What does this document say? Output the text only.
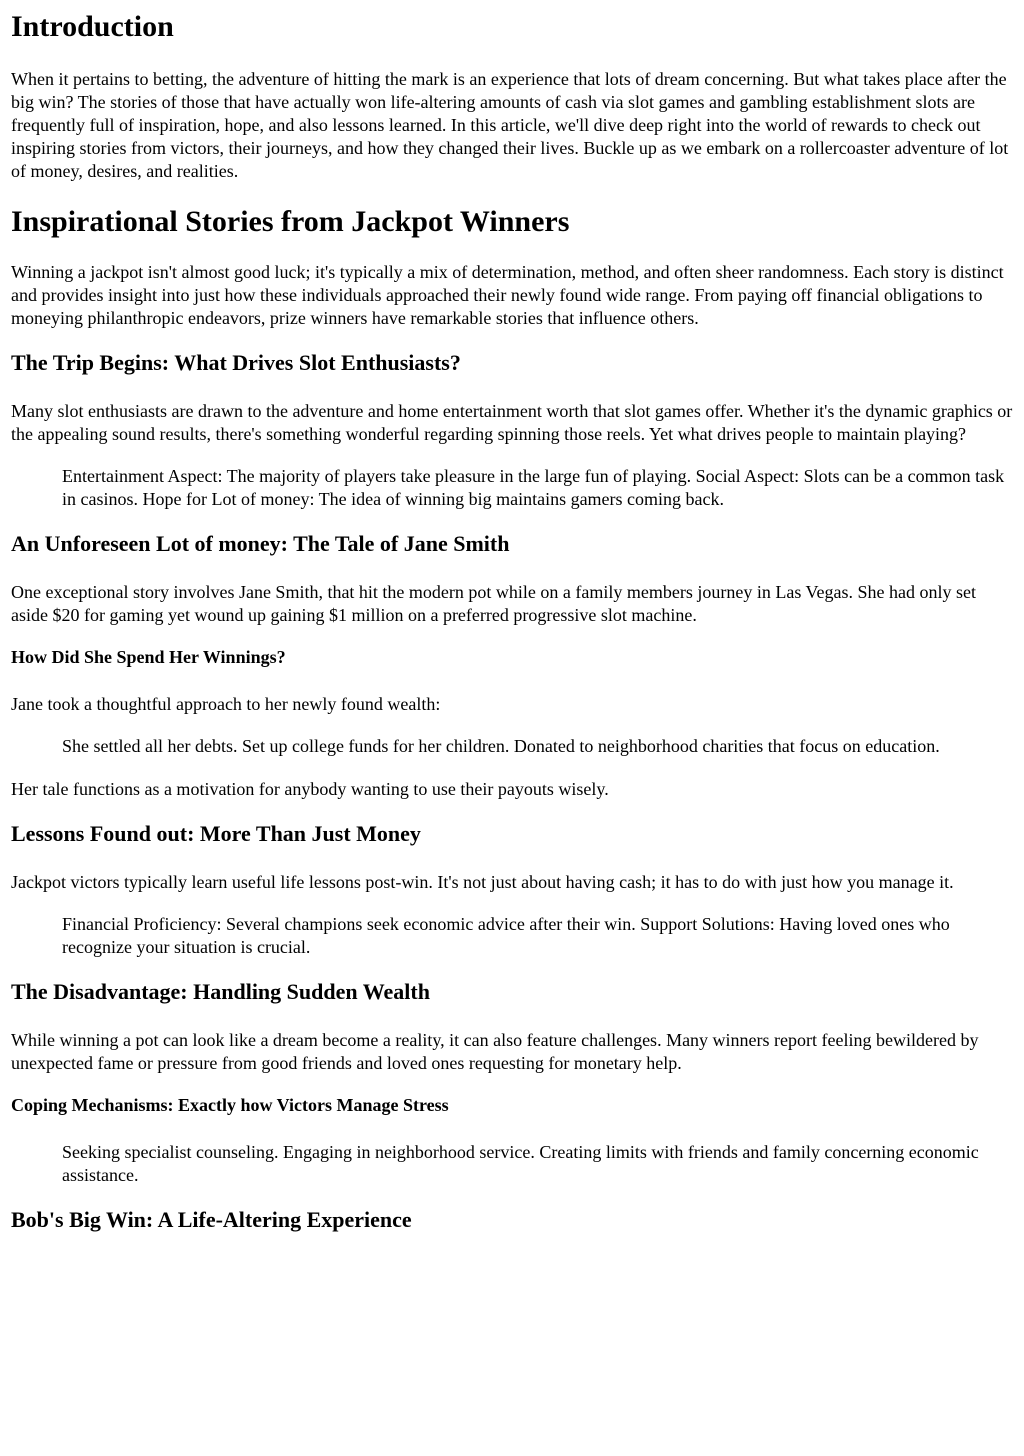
Introduction

When it pertains to betting, the adventure of hitting the mark is an experience that lots of dream concerning. But what takes place after the big win? The stories of those that have actually won life-altering amounts of cash via slot games and gambling establishment slots are frequently full of inspiration, hope, and also lessons learned. In this article, we'll dive deep right into the world of rewards to check out inspiring stories from victors, their journeys, and how they changed their lives. Buckle up as we embark on a rollercoaster adventure of lot of money, desires, and realities.

Inspirational Stories from Jackpot Winners

Winning a jackpot isn't almost good luck; it's typically a mix of determination, method, and often sheer randomness. Each story is distinct and provides insight into just how these individuals approached their newly found wide range. From paying off financial obligations to moneying philanthropic endeavors, prize winners have remarkable stories that influence others.

The Trip Begins: What Drives Slot Enthusiasts?

Many slot enthusiasts are drawn to the adventure and home entertainment worth that slot games offer. Whether it's the dynamic graphics or the appealing sound results, there's something wonderful regarding spinning those reels. Yet what drives people to maintain playing?

Entertainment Aspect: The majority of players take pleasure in the large fun of playing. Social Aspect: Slots can be a common task in casinos. Hope for Lot of money: The idea of winning big maintains gamers coming back.
An Unforeseen Lot of money: The Tale of Jane Smith

One exceptional story involves Jane Smith, that hit the modern pot while on a family members journey in Las Vegas. She had only set aside $20 for gaming yet wound up gaining $1 million on a preferred progressive slot machine.

How Did She Spend Her Winnings?

Jane took a thoughtful approach to her newly found wealth:

She settled all her debts. Set up college funds for her children. Donated to neighborhood charities that focus on education.

Her tale functions as a motivation for anybody wanting to use their payouts wisely.

Lessons Found out: More Than Just Money

Jackpot victors typically learn useful life lessons post-win. It's not just about having cash; it has to do with just how you manage it.

Financial Proficiency: Several champions seek economic advice after their win. Support Solutions: Having loved ones who recognize your situation is crucial.
The Disadvantage: Handling Sudden Wealth

While winning a pot can look like a dream become a reality, it can also feature challenges. Many winners report feeling bewildered by unexpected fame or pressure from good friends and loved ones requesting for monetary help.

Coping Mechanisms: Exactly how Victors Manage Stress
Seeking specialist counseling. Engaging in neighborhood service. Creating limits with friends and family concerning economic assistance.
Bob's Big Win: A Life-Altering Experience
